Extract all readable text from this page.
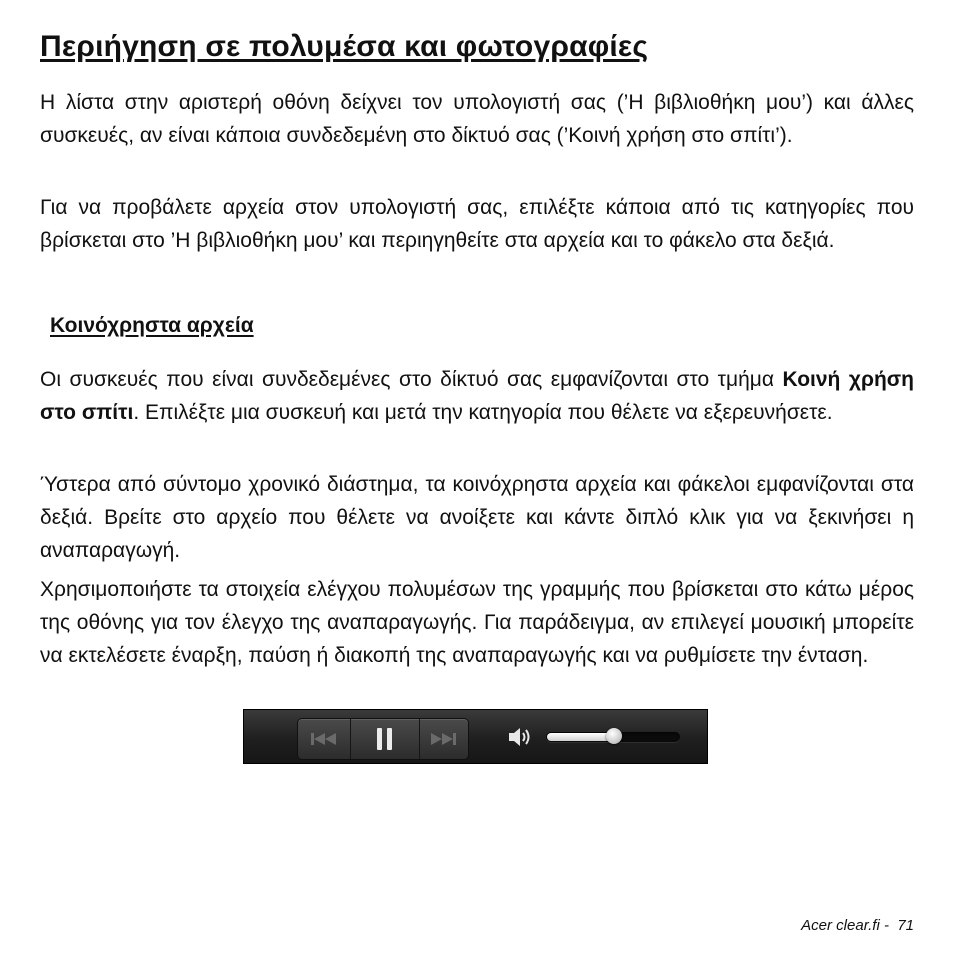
Περιήγηση σε πολυμέσα και φωτογραφίες

Η λίστα στην αριστερή οθόνη δείχνει τον υπολογιστή σας (’Η βιβλιοθήκη μου’) και άλλες συσκευές, αν είναι κάποια συνδεδεμένη στο δίκτυό σας (’Κοινή χρήση στο σπίτι’).

Για να προβάλετε αρχεία στον υπολογιστή σας, επιλέξτε κάποια από τις κατηγορίες που βρίσκεται στο ’Η βιβλιοθήκη μου’ και περιηγηθείτε στα αρχεία και το φάκελο στα δεξιά.

Κοινόχρηστα αρχεία

Οι συσκευές που είναι συνδεδεμένες στο δίκτυό σας εμφανίζονται στο τμήμα Κοινή χρήση στο σπίτι. Επιλέξτε μια συσκευή και μετά την κατηγορία που θέλετε να εξερευνήσετε.

Ύστερα από σύντομο χρονικό διάστημα, τα κοινόχρηστα αρχεία και φάκελοι εμφανίζονται στα δεξιά. Βρείτε στο αρχείο που θέλετε να ανοίξετε και κάντε διπλό κλικ για να ξεκινήσει η αναπαραγωγή.

Χρησιμοποιήστε τα στοιχεία ελέγχου πολυμέσων της γραμμής που βρίσκεται στο κάτω μέρος της οθόνης για τον έλεγχο της αναπαραγωγής. Για παράδειγμα, αν επιλεγεί μουσική μπορείτε να εκτελέσετε έναρξη, παύση ή διακοπή της αναπαραγωγής και να ρυθμίσετε την ένταση.

Acer clear.fi - 71
